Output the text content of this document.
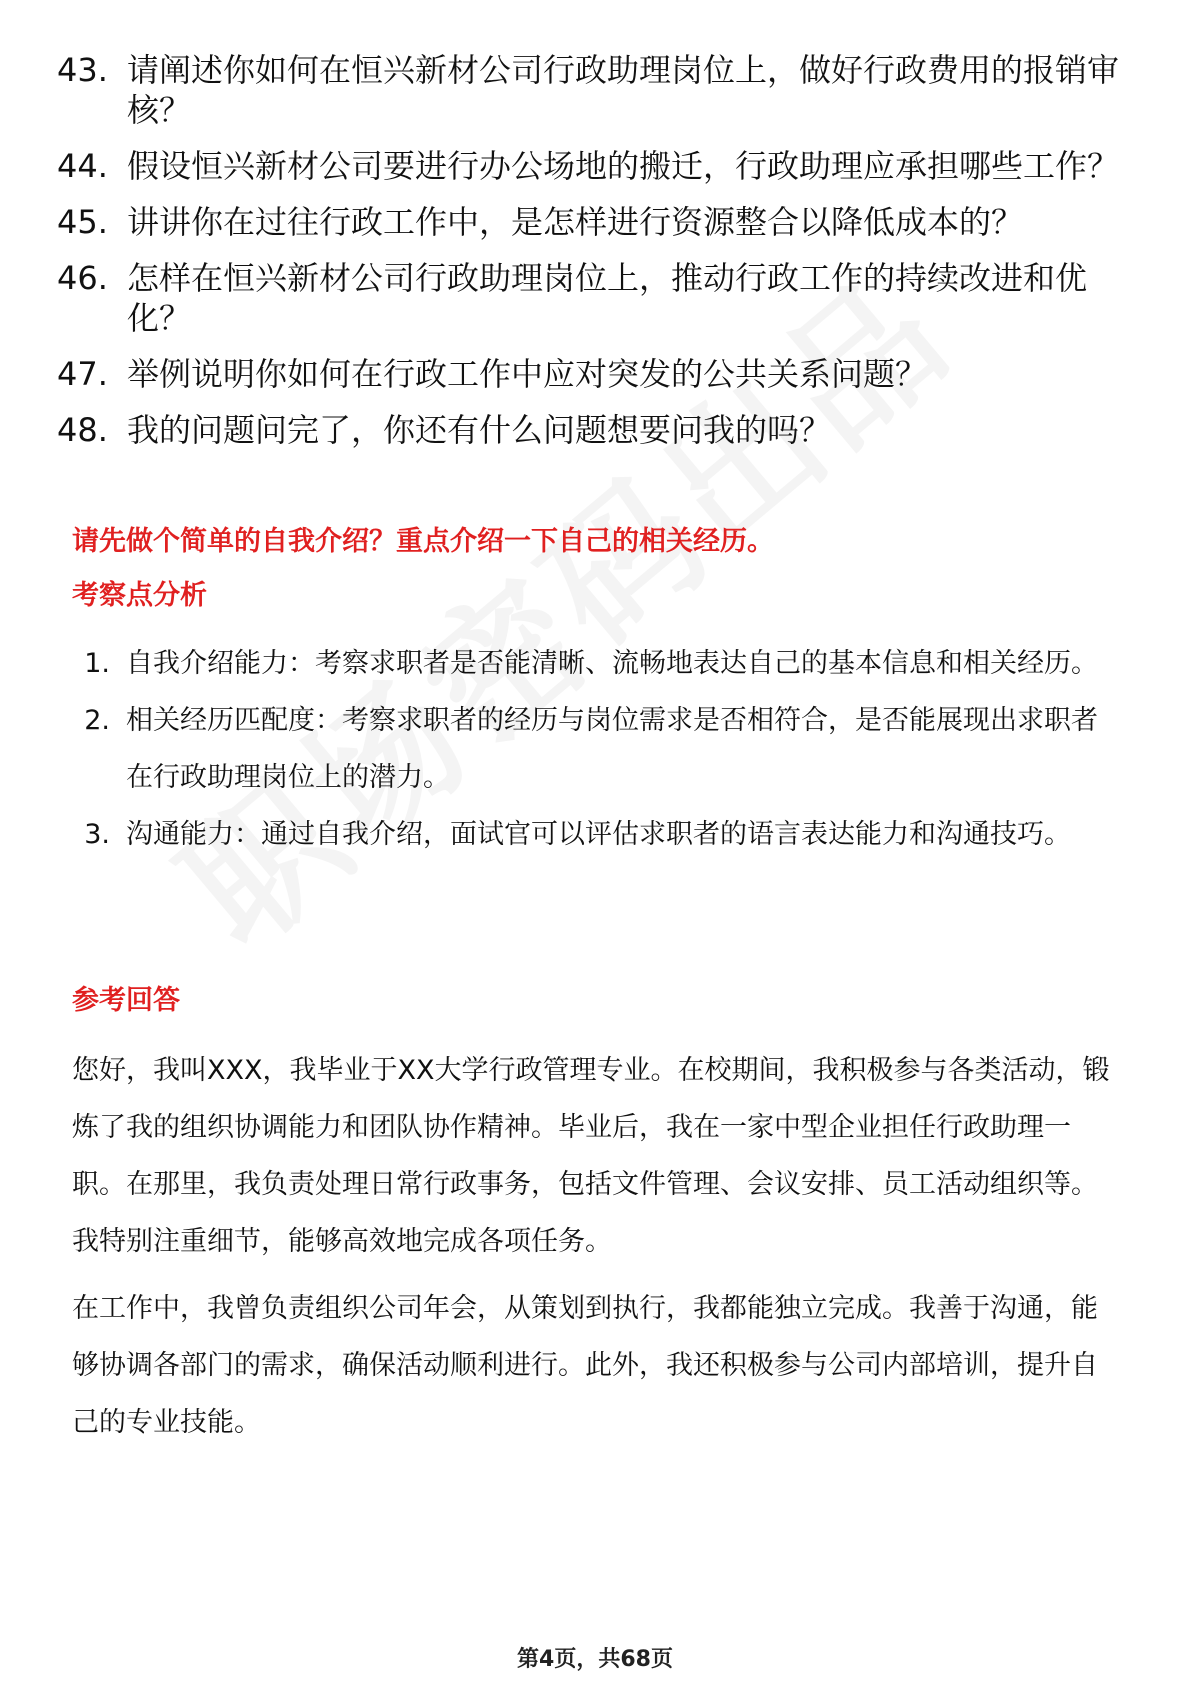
43. 请阐述你如何在恒兴新材公司行政助理岗位上，做好行政费用的报销审核？
44. 假设恒兴新材公司要进行办公场地的搬迁，行政助理应承担哪些工作？
45. 讲讲你在过往行政工作中，是怎样进行资源整合以降低成本的？
46. 怎样在恒兴新材公司行政助理岗位上，推动行政工作的持续改进和优化？
47. 举例说明你如何在行政工作中应对突发的公共关系问题？
48. 我的问题问完了，你还有什么问题想要问我的吗？
请先做个简单的自我介绍？重点介绍一下自己的相关经历。
考察点分析
1. 自我介绍能力：考察求职者是否能清晰、流畅地表达自己的基本信息和相关经历。
2. 相关经历匹配度：考察求职者的经历与岗位需求是否相符合，是否能展现出求职者在行政助理岗位上的潜力。
3. 沟通能力：通过自我介绍，面试官可以评估求职者的语言表达能力和沟通技巧。
参考回答

您好，我叫XXX，我毕业于XX大学行政管理专业。在校期间，我积极参与各类活动，锻炼了我的组织协调能力和团队协作精神。毕业后，我在一家中型企业担任行政助理一职。在那里，我负责处理日常行政事务，包括文件管理、会议安排、员工活动组织等。我特别注重细节，能够高效地完成各项任务。

在工作中，我曾负责组织公司年会，从策划到执行，我都能独立完成。我善于沟通，能够协调各部门的需求，确保活动顺利进行。此外，我还积极参与公司内部培训，提升自己的专业技能。

第4页，共68页
